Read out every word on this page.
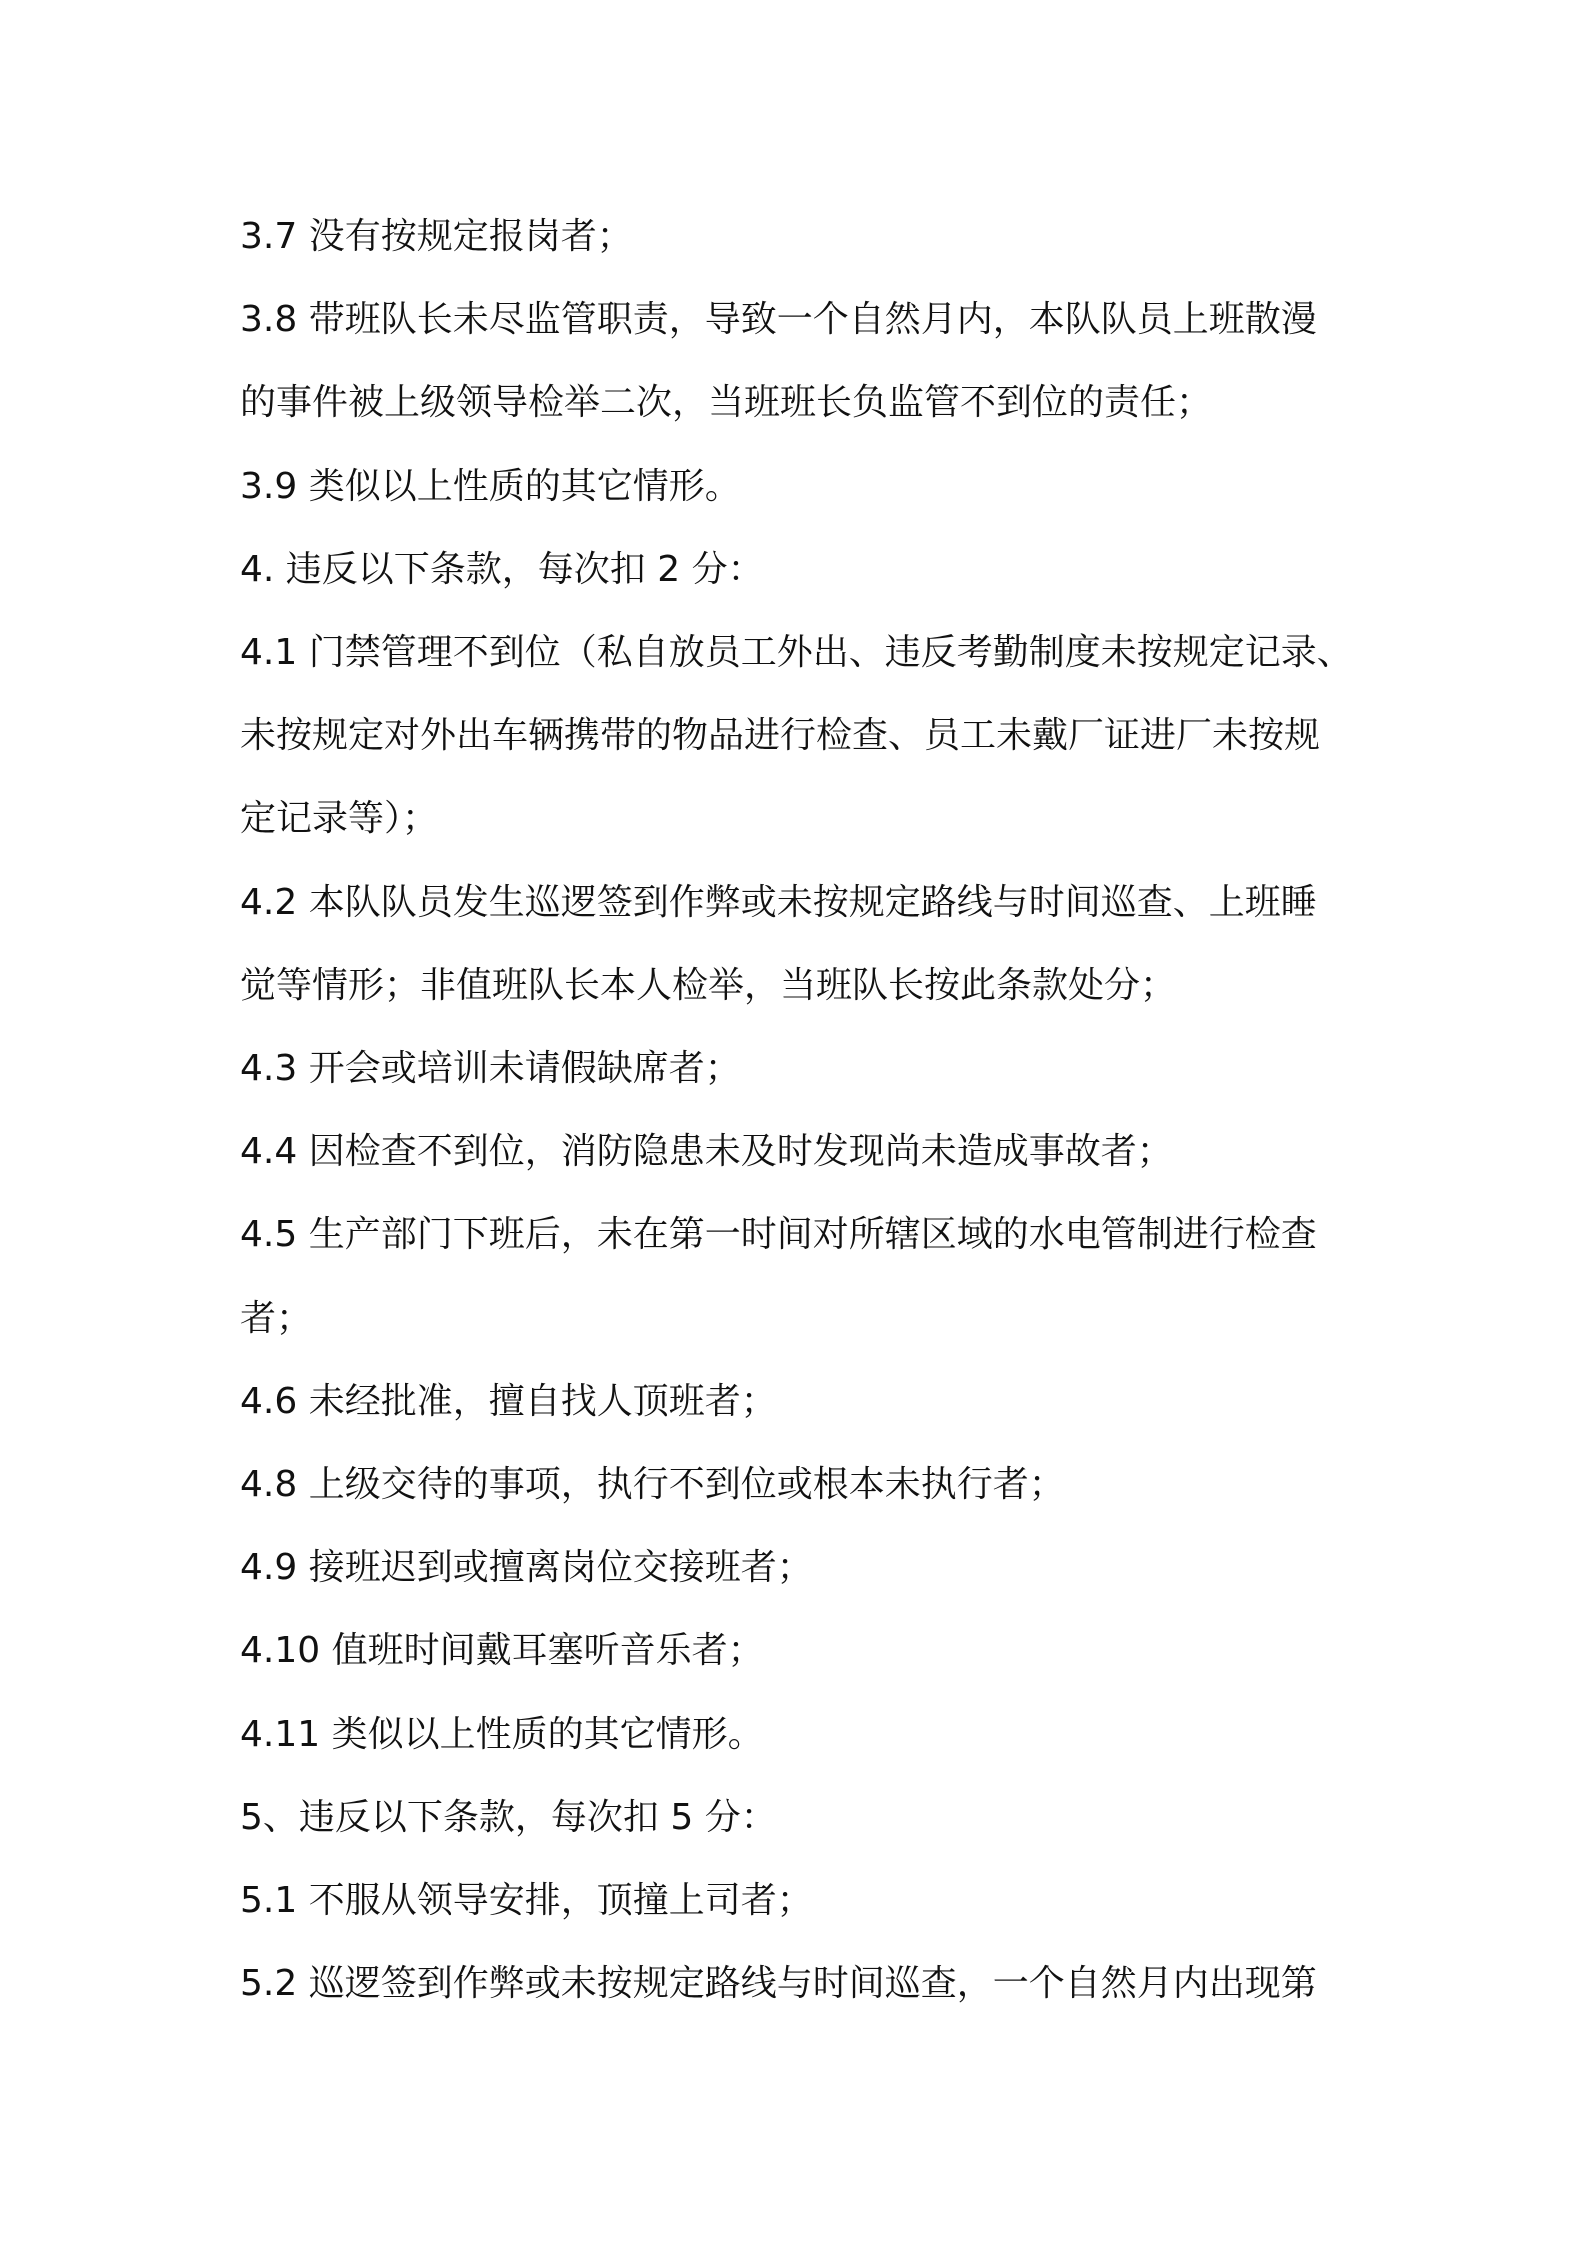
3.7 没有按规定报岗者；

3.8 带班队长未尽监管职责，导致一个自然月内，本队队员上班散漫

的事件被上级领导检举二次，当班班长负监管不到位的责任；

3.9 类似以上性质的其它情形。

4. 违反以下条款，每次扣 2 分：

4.1 门禁管理不到位（私自放员工外出、违反考勤制度未按规定记录、

未按规定对外出车辆携带的物品进行检查、员工未戴厂证进厂未按规

定记录等）；

4.2 本队队员发生巡逻签到作弊或未按规定路线与时间巡查、上班睡

觉等情形；非值班队长本人检举，当班队长按此条款处分；

4.3 开会或培训未请假缺席者；

4.4 因检查不到位，消防隐患未及时发现尚未造成事故者；

4.5 生产部门下班后，未在第一时间对所辖区域的水电管制进行检查

者；

4.6 未经批准，擅自找人顶班者；

4.8 上级交待的事项，执行不到位或根本未执行者；

4.9 接班迟到或擅离岗位交接班者；

4.10 值班时间戴耳塞听音乐者；

4.11 类似以上性质的其它情形。

5、违反以下条款，每次扣 5 分：

5.1 不服从领导安排，顶撞上司者；

5.2 巡逻签到作弊或未按规定路线与时间巡查，一个自然月内出现第
